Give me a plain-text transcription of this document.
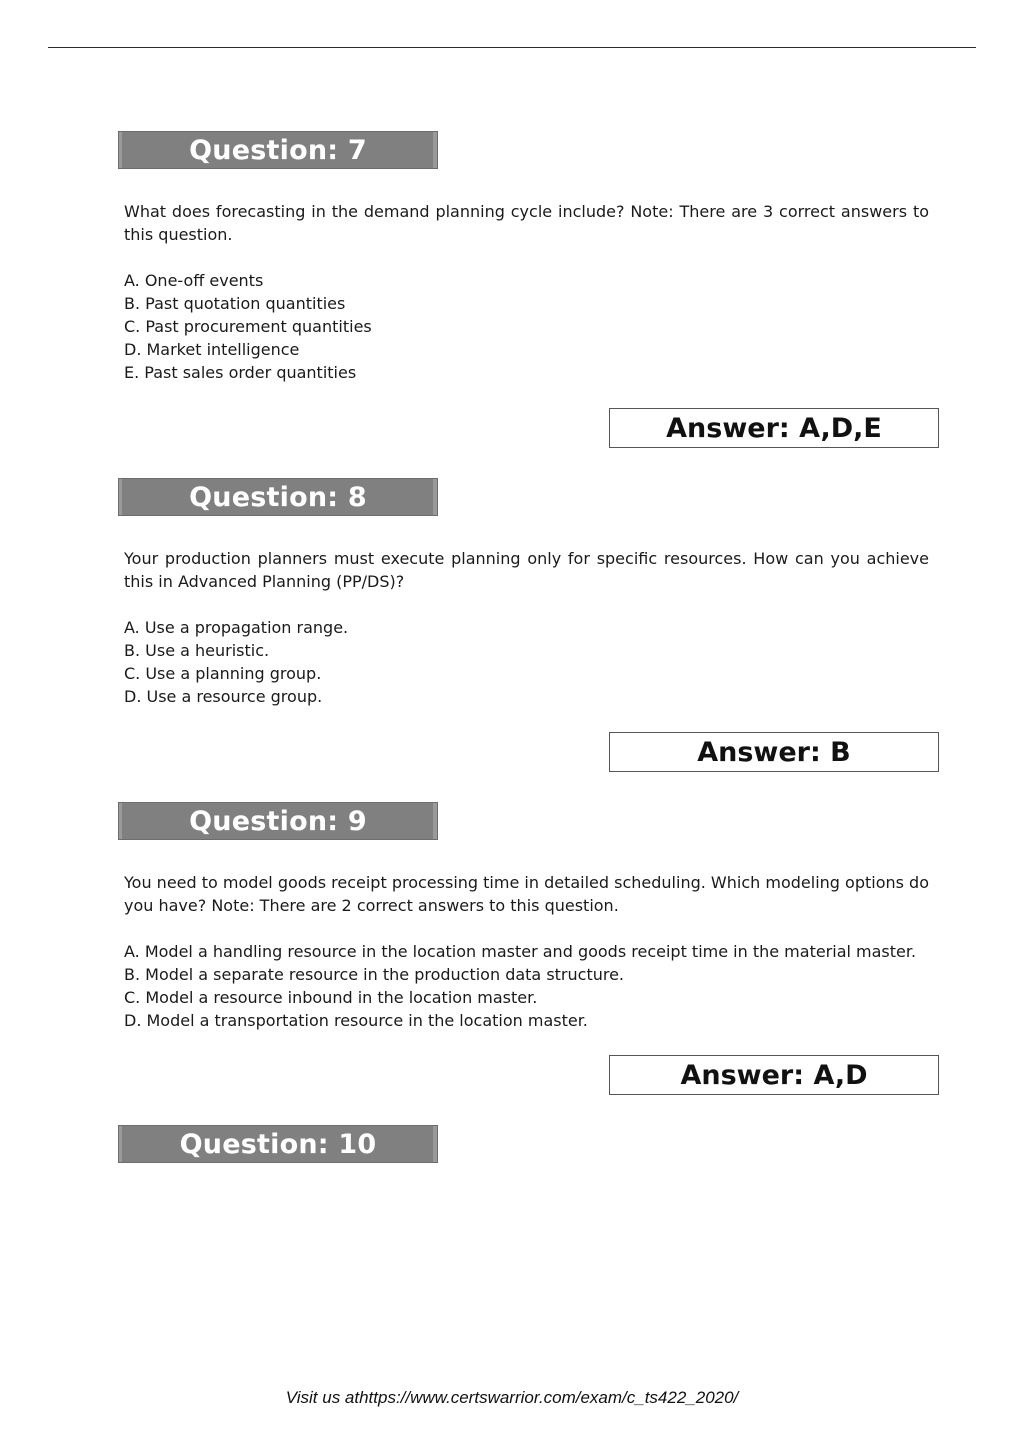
Question: 7
What does forecasting in the demand planning cycle include? Note: There are 3 correct answers to this question.
A. One-off events
B. Past quotation quantities
C. Past procurement quantities
D. Market intelligence
E. Past sales order quantities
Answer: A,D,E
Question: 8
Your production planners must execute planning only for specific resources. How can you achieve this in Advanced Planning (PP/DS)?
A. Use a propagation range.
B. Use a heuristic.
C. Use a planning group.
D. Use a resource group.
Answer: B
Question: 9
You need to model goods receipt processing time in detailed scheduling. Which modeling options do you have? Note: There are 2 correct answers to this question.
A. Model a handling resource in the location master and goods receipt time in the material master.
B. Model a separate resource in the production data structure.
C. Model a resource inbound in the location master.
D. Model a transportation resource in the location master.
Answer: A,D
Question: 10
Visit us athttps://www.certswarrior.com/exam/c_ts422_2020/
